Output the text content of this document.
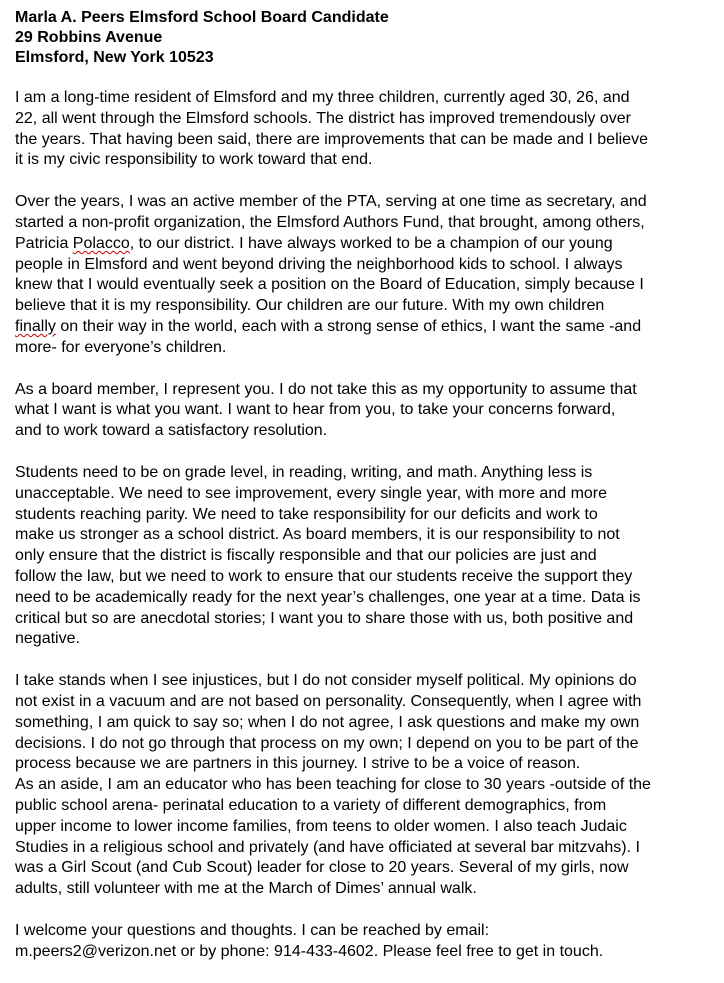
Marla A. Peers Elmsford School Board Candidate
29 Robbins Avenue
Elmsford, New York 10523
I am a long-time resident of Elmsford and my three children, currently aged 30, 26, and
22, all went through the Elmsford schools. The district has improved tremendously over
the years. That having been said, there are improvements that can be made and I believe
it is my civic responsibility to work toward that end.
Over the years, I was an active member of the PTA, serving at one time as secretary, and
started a non-profit organization, the Elmsford Authors Fund, that brought, among others,
Patricia Polacco, to our district. I have always worked to be a champion of our young
people in Elmsford and went beyond driving the neighborhood kids to school. I always
knew that I would eventually seek a position on the Board of Education, simply because I
believe that it is my responsibility. Our children are our future. With my own children
finally on their way in the world, each with a strong sense of ethics, I want the same -and
more- for everyone’s children.
As a board member, I represent you. I do not take this as my opportunity to assume that
what I want is what you want. I want to hear from you, to take your concerns forward,
and to work toward a satisfactory resolution.
Students need to be on grade level, in reading, writing, and math. Anything less is
unacceptable. We need to see improvement, every single year, with more and more
students reaching parity. We need to take responsibility for our deficits and work to
make us stronger as a school district. As board members, it is our responsibility to not
only ensure that the district is fiscally responsible and that our policies are just and
follow the law, but we need to work to ensure that our students receive the support they
need to be academically ready for the next year’s challenges, one year at a time. Data is
critical but so are anecdotal stories; I want you to share those with us, both positive and
negative.
I take stands when I see injustices, but I do not consider myself political. My opinions do
not exist in a vacuum and are not based on personality. Consequently, when I agree with
something, I am quick to say so; when I do not agree, I ask questions and make my own
decisions. I do not go through that process on my own; I depend on you to be part of the
process because we are partners in this journey. I strive to be a voice of reason.
As an aside, I am an educator who has been teaching for close to 30 years -outside of the
public school arena- perinatal education to a variety of different demographics, from
upper income to lower income families, from teens to older women. I also teach Judaic
Studies in a religious school and privately (and have officiated at several bar mitzvahs). I
was a Girl Scout (and Cub Scout) leader for close to 20 years. Several of my girls, now
adults, still volunteer with me at the March of Dimes’ annual walk.
I welcome your questions and thoughts. I can be reached by email:
m.peers2@verizon.net or by phone: 914-433-4602. Please feel free to get in touch.
